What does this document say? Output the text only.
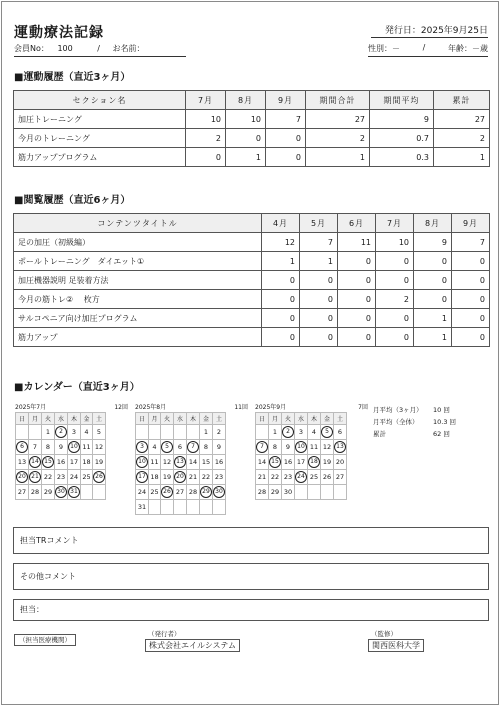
運動療法記録	発行日：2025年9月25日
会員No： 100	/ お名前：	性別：－	/	年齢：－歳
■運動履歴（直近3ヶ月）
セクション名	7月	8月	9月	期間合計	期間平均	累計
加圧トレーニング	10	10	7	27	9	27
今月のトレーニング	2	0	0	2	0.7	2
筋力アッププログラム	0	1	0	1	0.3	1
■閲覧履歴（直近6ヶ月）
コンテンツタイトル	4月	5月	6月	7月	8月	9月
足の加圧（初級編）	12	7	11	10	9	7
ポールトレーニング　ダイエット①	1	1	0	0	0	0
加圧機器説明 足装着方法	0	0	0	0	0	0
今月の筋トレ② 　枚方	0	0	0	2	0	0
サルコペニア向け加圧プログラム	0	0	0	0	1	0
筋力アップ	0	0	0	0	1	0
■カレンダー（直近3ヶ月）
2025年7月	12回
日	月	火	水	木	金	土
		1	2	3	4	5
6	7	8	9	10	11	12
13	14	15	16	17	18	19
20	21	22	23	24	25	26
27	28	29	30	31		
2025年8月	11回
日	月	火	水	木	金	土
					1	2
3	4	5	6	7	8	9
10	11	12	13	14	15	16
17	18	19	20	21	22	23
24	25	26	27	28	29	30
31						
2025年9月	7回
日	月	火	水	木	金	土
	1	2	3	4	5	6
7	8	9	10	11	12	13
14	15	16	17	18	19	20
21	22	23	24	25	26	27
28	29	30				
月平均（3ヶ月）	10 回
月平均（全体）	10.3 回
累計	62 回
担当TRコメント
その他コメント
担当：
（担当医療機関）
（発行者）
株式会社エイルシステム
（監修）
関西医科大学
